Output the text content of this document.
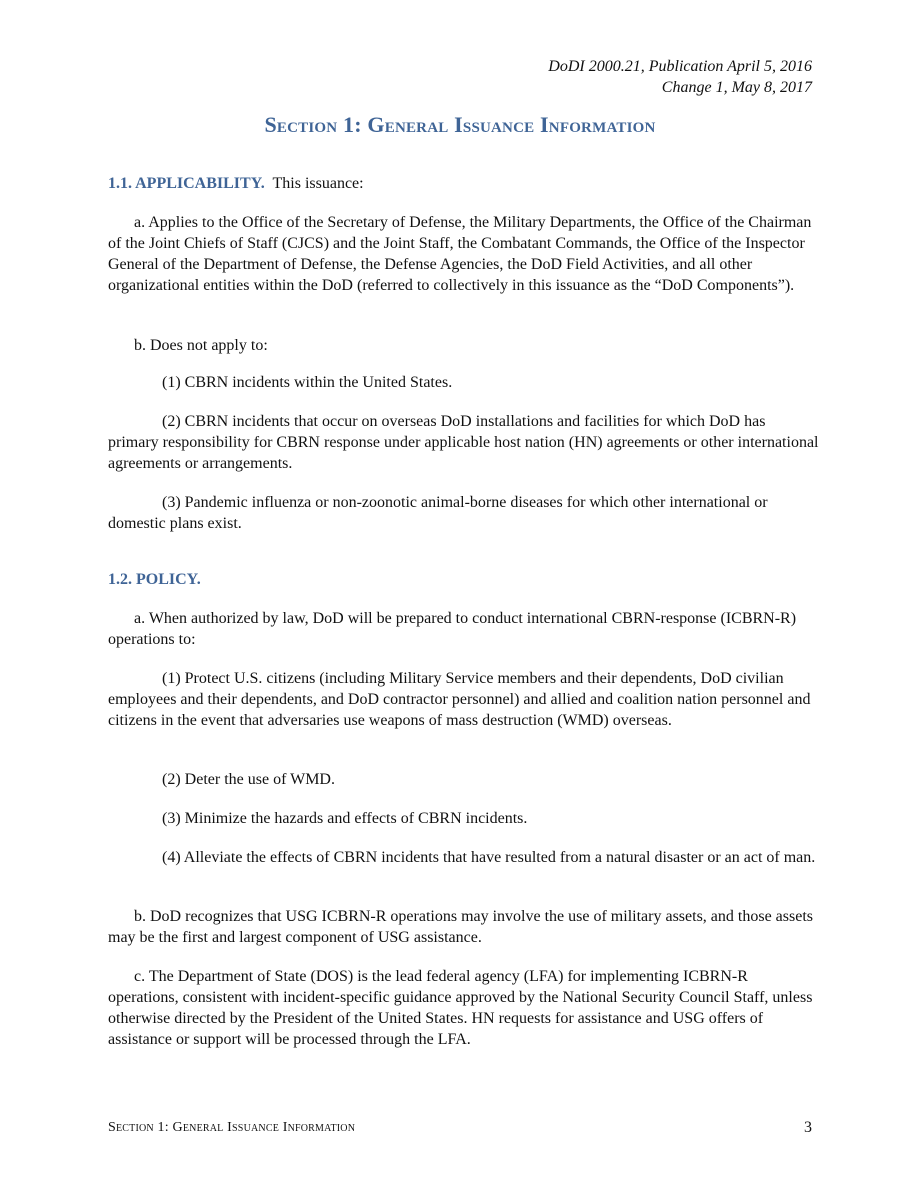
DoDI 2000.21, Publication April 5, 2016
Change 1, May 8, 2017
Section 1: General Issuance Information
1.1. APPLICABILITY. This issuance:
a. Applies to the Office of the Secretary of Defense, the Military Departments, the Office of the Chairman of the Joint Chiefs of Staff (CJCS) and the Joint Staff, the Combatant Commands, the Office of the Inspector General of the Department of Defense, the Defense Agencies, the DoD Field Activities, and all other organizational entities within the DoD (referred to collectively in this issuance as the “DoD Components”).
b. Does not apply to:
(1) CBRN incidents within the United States.
(2) CBRN incidents that occur on overseas DoD installations and facilities for which DoD has primary responsibility for CBRN response under applicable host nation (HN) agreements or other international agreements or arrangements.
(3) Pandemic influenza or non-zoonotic animal-borne diseases for which other international or domestic plans exist.
1.2. POLICY.
a. When authorized by law, DoD will be prepared to conduct international CBRN-response (ICBRN-R) operations to:
(1) Protect U.S. citizens (including Military Service members and their dependents, DoD civilian employees and their dependents, and DoD contractor personnel) and allied and coalition nation personnel and citizens in the event that adversaries use weapons of mass destruction (WMD) overseas.
(2) Deter the use of WMD.
(3) Minimize the hazards and effects of CBRN incidents.
(4) Alleviate the effects of CBRN incidents that have resulted from a natural disaster or an act of man.
b. DoD recognizes that USG ICBRN-R operations may involve the use of military assets, and those assets may be the first and largest component of USG assistance.
c. The Department of State (DOS) is the lead federal agency (LFA) for implementing ICBRN-R operations, consistent with incident-specific guidance approved by the National Security Council Staff, unless otherwise directed by the President of the United States. HN requests for assistance and USG offers of assistance or support will be processed through the LFA.
Section 1: General Issuance Information	3
